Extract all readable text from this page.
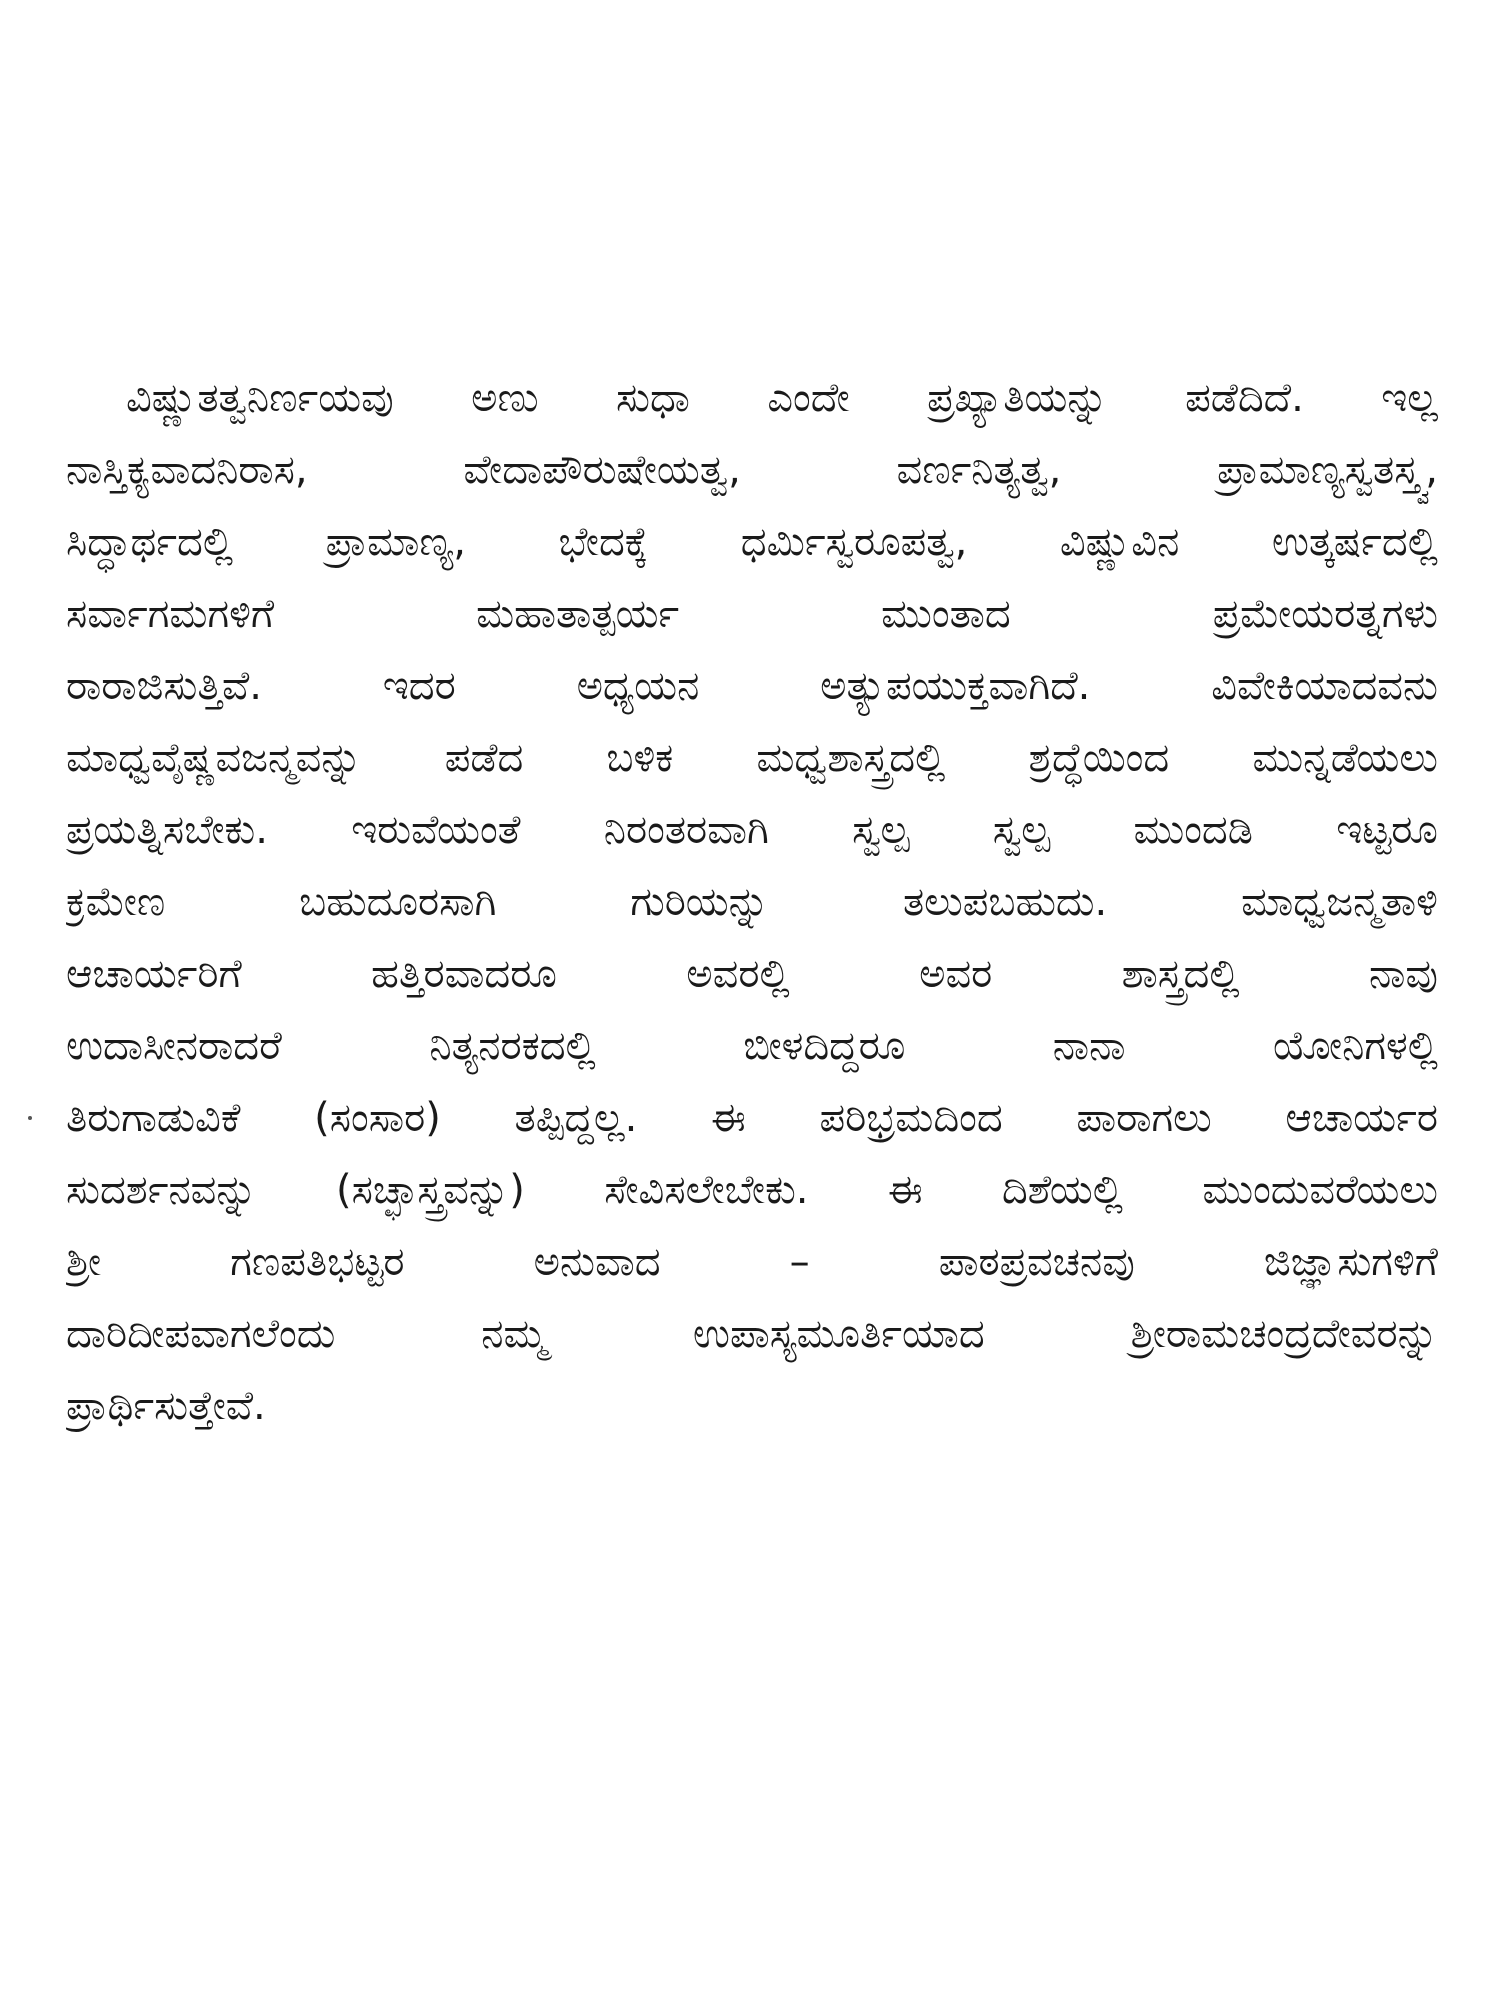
ವಿಷ್ಣುತತ್ವನಿರ್ಣಯವು ಅಣು ಸುಧಾ ಎಂದೇ ಪ್ರಖ್ಯಾತಿಯನ್ನು ಪಡೆದಿದೆ. ಇಲ್ಲ
ನಾಸ್ತಿಕ್ಯವಾದನಿರಾಸ,	ವೇದಾಪೌರುಷೇಯತ್ವ,	ವರ್ಣನಿತ್ಯತ್ವ,	ಪ್ರಾಮಾಣ್ಯಸ್ವತಸ್ತ್ವ,
ಸಿದ್ಧಾರ್ಥದಲ್ಲಿ ಪ್ರಾಮಾಣ್ಯ, ಭೇದಕ್ಕೆ ಧರ್ಮಿಸ್ವರೂಪತ್ವ, ವಿಷ್ಣುವಿನ ಉತ್ಕರ್ಷದಲ್ಲಿ
ಸರ್ವಾಗಮಗಳಿಗೆ	ಮಹಾತಾತ್ಪರ್ಯ	ಮುಂತಾದ	ಪ್ರಮೇಯರತ್ನಗಳು
ರಾರಾಜಿಸುತ್ತಿವೆ.	ಇದರ	ಅಧ್ಯಯನ	ಅತ್ಯುಪಯುಕ್ತವಾಗಿದೆ.	ವಿವೇಕಿಯಾದವನು
ಮಾಧ್ವವೈಷ್ಣವಜನ್ಮವನ್ನು ಪಡೆದ ಬಳಿಕ ಮಧ್ವಶಾಸ್ತ್ರದಲ್ಲಿ ಶ್ರದ್ಧೆಯಿಂದ ಮುನ್ನಡೆಯಲು
ಪ್ರಯತ್ನಿಸಬೇಕು. ಇರುವೆಯಂತೆ ನಿರಂತರವಾಗಿ ಸ್ವಲ್ಪ ಸ್ವಲ್ಪ ಮುಂದಡಿ ಇಟ್ಟರೂ
ಕ್ರಮೇಣ	ಬಹುದೂರಸಾಗಿ	ಗುರಿಯನ್ನು	ತಲುಪಬಹುದು.	ಮಾಧ್ವಜನ್ಮತಾಳಿ
ಆಚಾರ್ಯರಿಗೆ	ಹತ್ತಿರವಾದರೂ	ಅವರಲ್ಲಿ	ಅವರ	ಶಾಸ್ತ್ರದಲ್ಲಿ	ನಾವು
ಉದಾಸೀನರಾದರೆ	ನಿತ್ಯನರಕದಲ್ಲಿ	ಬೀಳದಿದ್ದರೂ	ನಾನಾ	ಯೋನಿಗಳಲ್ಲಿ
ತಿರುಗಾಡುವಿಕೆ (ಸಂಸಾರ) ತಪ್ಪಿದ್ದಲ್ಲ. ಈ ಪರಿಭ್ರಮದಿಂದ ಪಾರಾಗಲು ಆಚಾರ್ಯರ
ಸುದರ್ಶನವನ್ನು (ಸಚ್ಛಾಸ್ತ್ರವನ್ನು) ಸೇವಿಸಲೇಬೇಕು. ಈ ದಿಶೆಯಲ್ಲಿ ಮುಂದುವರೆಯಲು
ಶ್ರೀ	ಗಣಪತಿಭಟ್ಟರ	ಅನುವಾದ	–	ಪಾಠಪ್ರವಚನವು	ಜಿಜ್ಞಾಸುಗಳಿಗೆ
ದಾರಿದೀಪವಾಗಲೆಂದು	ನಮ್ಮ	ಉಪಾಸ್ಯಮೂರ್ತಿಯಾದ	ಶ್ರೀರಾಮಚಂದ್ರದೇವರನ್ನು
ಪ್ರಾರ್ಥಿಸುತ್ತೇವೆ.
